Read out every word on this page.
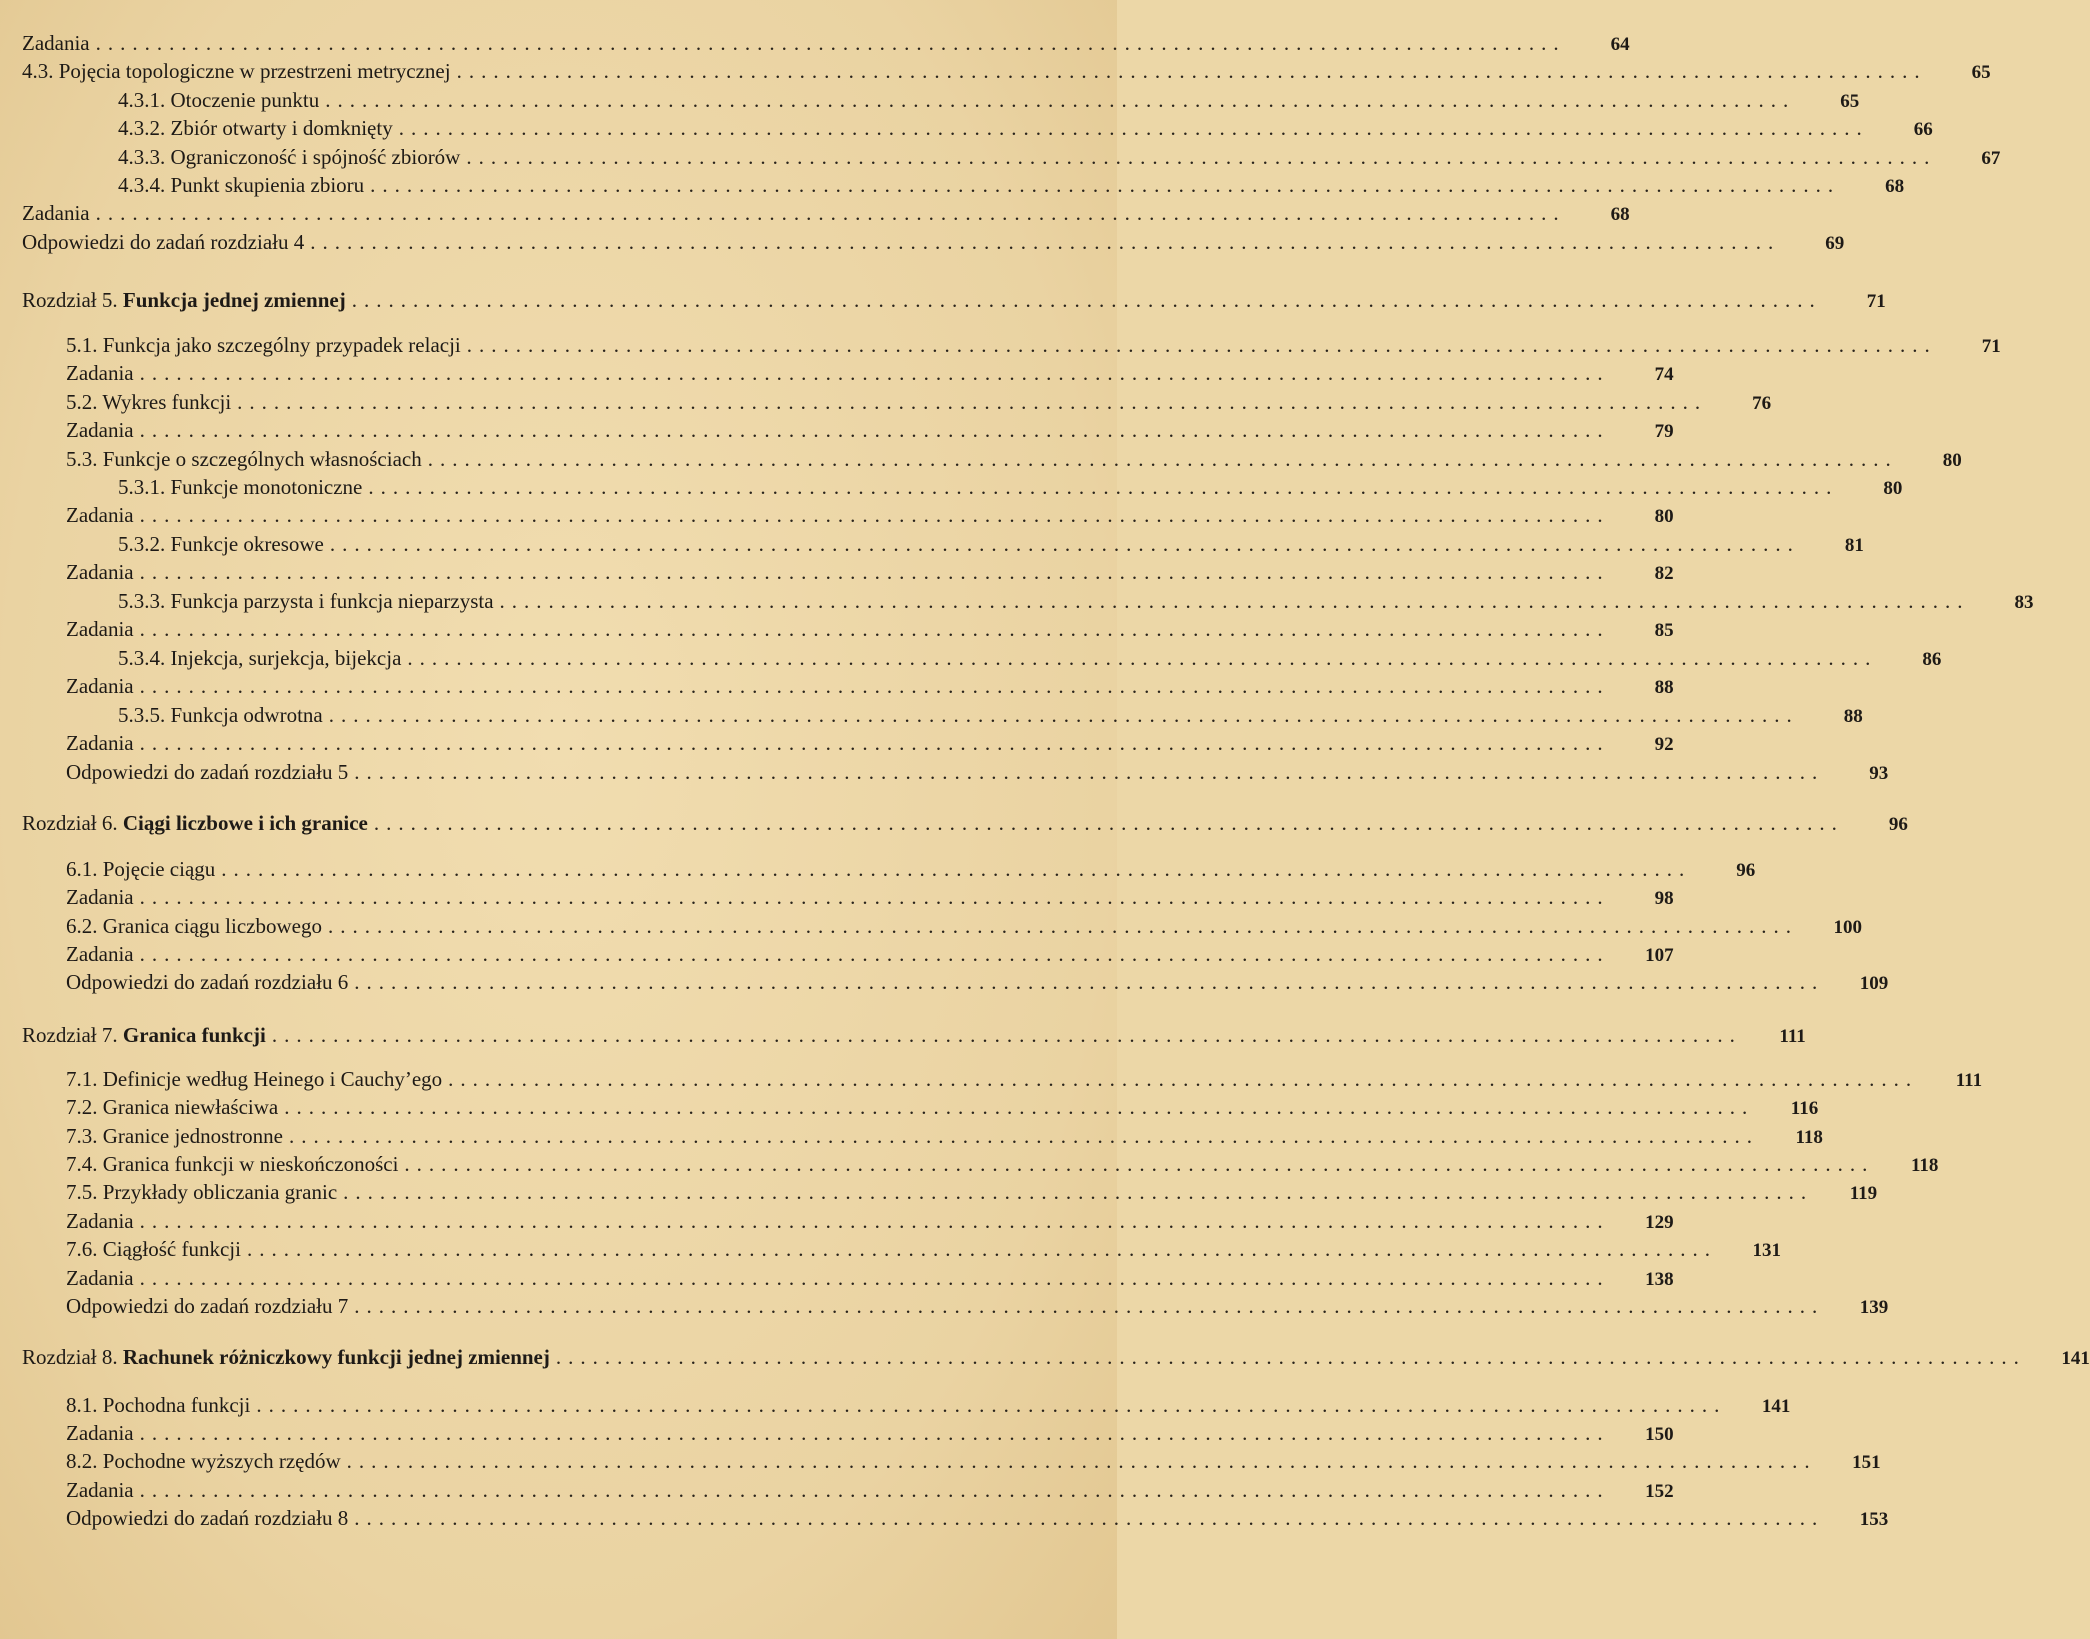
Zadania ........................................................................................................................	64
4.3. Pojęcia topologiczne w przestrzeni metrycznej ........................................................................................................................	65
4.3.1. Otoczenie punktu ........................................................................................................................	65
4.3.2. Zbiór otwarty i domknięty ........................................................................................................................	66
4.3.3. Ograniczoność i spójność zbiorów ........................................................................................................................	67
4.3.4. Punkt skupienia zbioru ........................................................................................................................	68
Zadania ........................................................................................................................	68
Odpowiedzi do zadań rozdziału 4 ........................................................................................................................	69
Rozdział 5. Funkcja jednej zmiennej ........................................................................................................................	71
5.1. Funkcja jako szczególny przypadek relacji ........................................................................................................................	71
Zadania ........................................................................................................................	74
5.2. Wykres funkcji ........................................................................................................................	76
Zadania ........................................................................................................................	79
5.3. Funkcje o szczególnych własnościach ........................................................................................................................	80
5.3.1. Funkcje monotoniczne ........................................................................................................................	80
Zadania ........................................................................................................................	80
5.3.2. Funkcje okresowe ........................................................................................................................	81
Zadania ........................................................................................................................	82
5.3.3. Funkcja parzysta i funkcja nieparzysta ........................................................................................................................	83
Zadania ........................................................................................................................	85
5.3.4. Injekcja, surjekcja, bijekcja ........................................................................................................................	86
Zadania ........................................................................................................................	88
5.3.5. Funkcja odwrotna ........................................................................................................................	88
Zadania ........................................................................................................................	92
Odpowiedzi do zadań rozdziału 5 ........................................................................................................................	93
Rozdział 6. Ciągi liczbowe i ich granice ........................................................................................................................	96
6.1. Pojęcie ciągu ........................................................................................................................	96
Zadania ........................................................................................................................	98
6.2. Granica ciągu liczbowego ........................................................................................................................	100
Zadania ........................................................................................................................	107
Odpowiedzi do zadań rozdziału 6 ........................................................................................................................	109
Rozdział 7. Granica funkcji ........................................................................................................................	111
7.1. Definicje według Heinego i Cauchy’ego ........................................................................................................................	111
7.2. Granica niewłaściwa ........................................................................................................................	116
7.3. Granice jednostronne ........................................................................................................................	118
7.4. Granica funkcji w nieskończoności ........................................................................................................................	118
7.5. Przykłady obliczania granic ........................................................................................................................	119
Zadania ........................................................................................................................	129
7.6. Ciągłość funkcji ........................................................................................................................	131
Zadania ........................................................................................................................	138
Odpowiedzi do zadań rozdziału 7 ........................................................................................................................	139
Rozdział 8. Rachunek różniczkowy funkcji jednej zmiennej ........................................................................................................................	141
8.1. Pochodna funkcji ........................................................................................................................	141
Zadania ........................................................................................................................	150
8.2. Pochodne wyższych rzędów ........................................................................................................................	151
Zadania ........................................................................................................................	152
Odpowiedzi do zadań rozdziału 8 ........................................................................................................................	153
